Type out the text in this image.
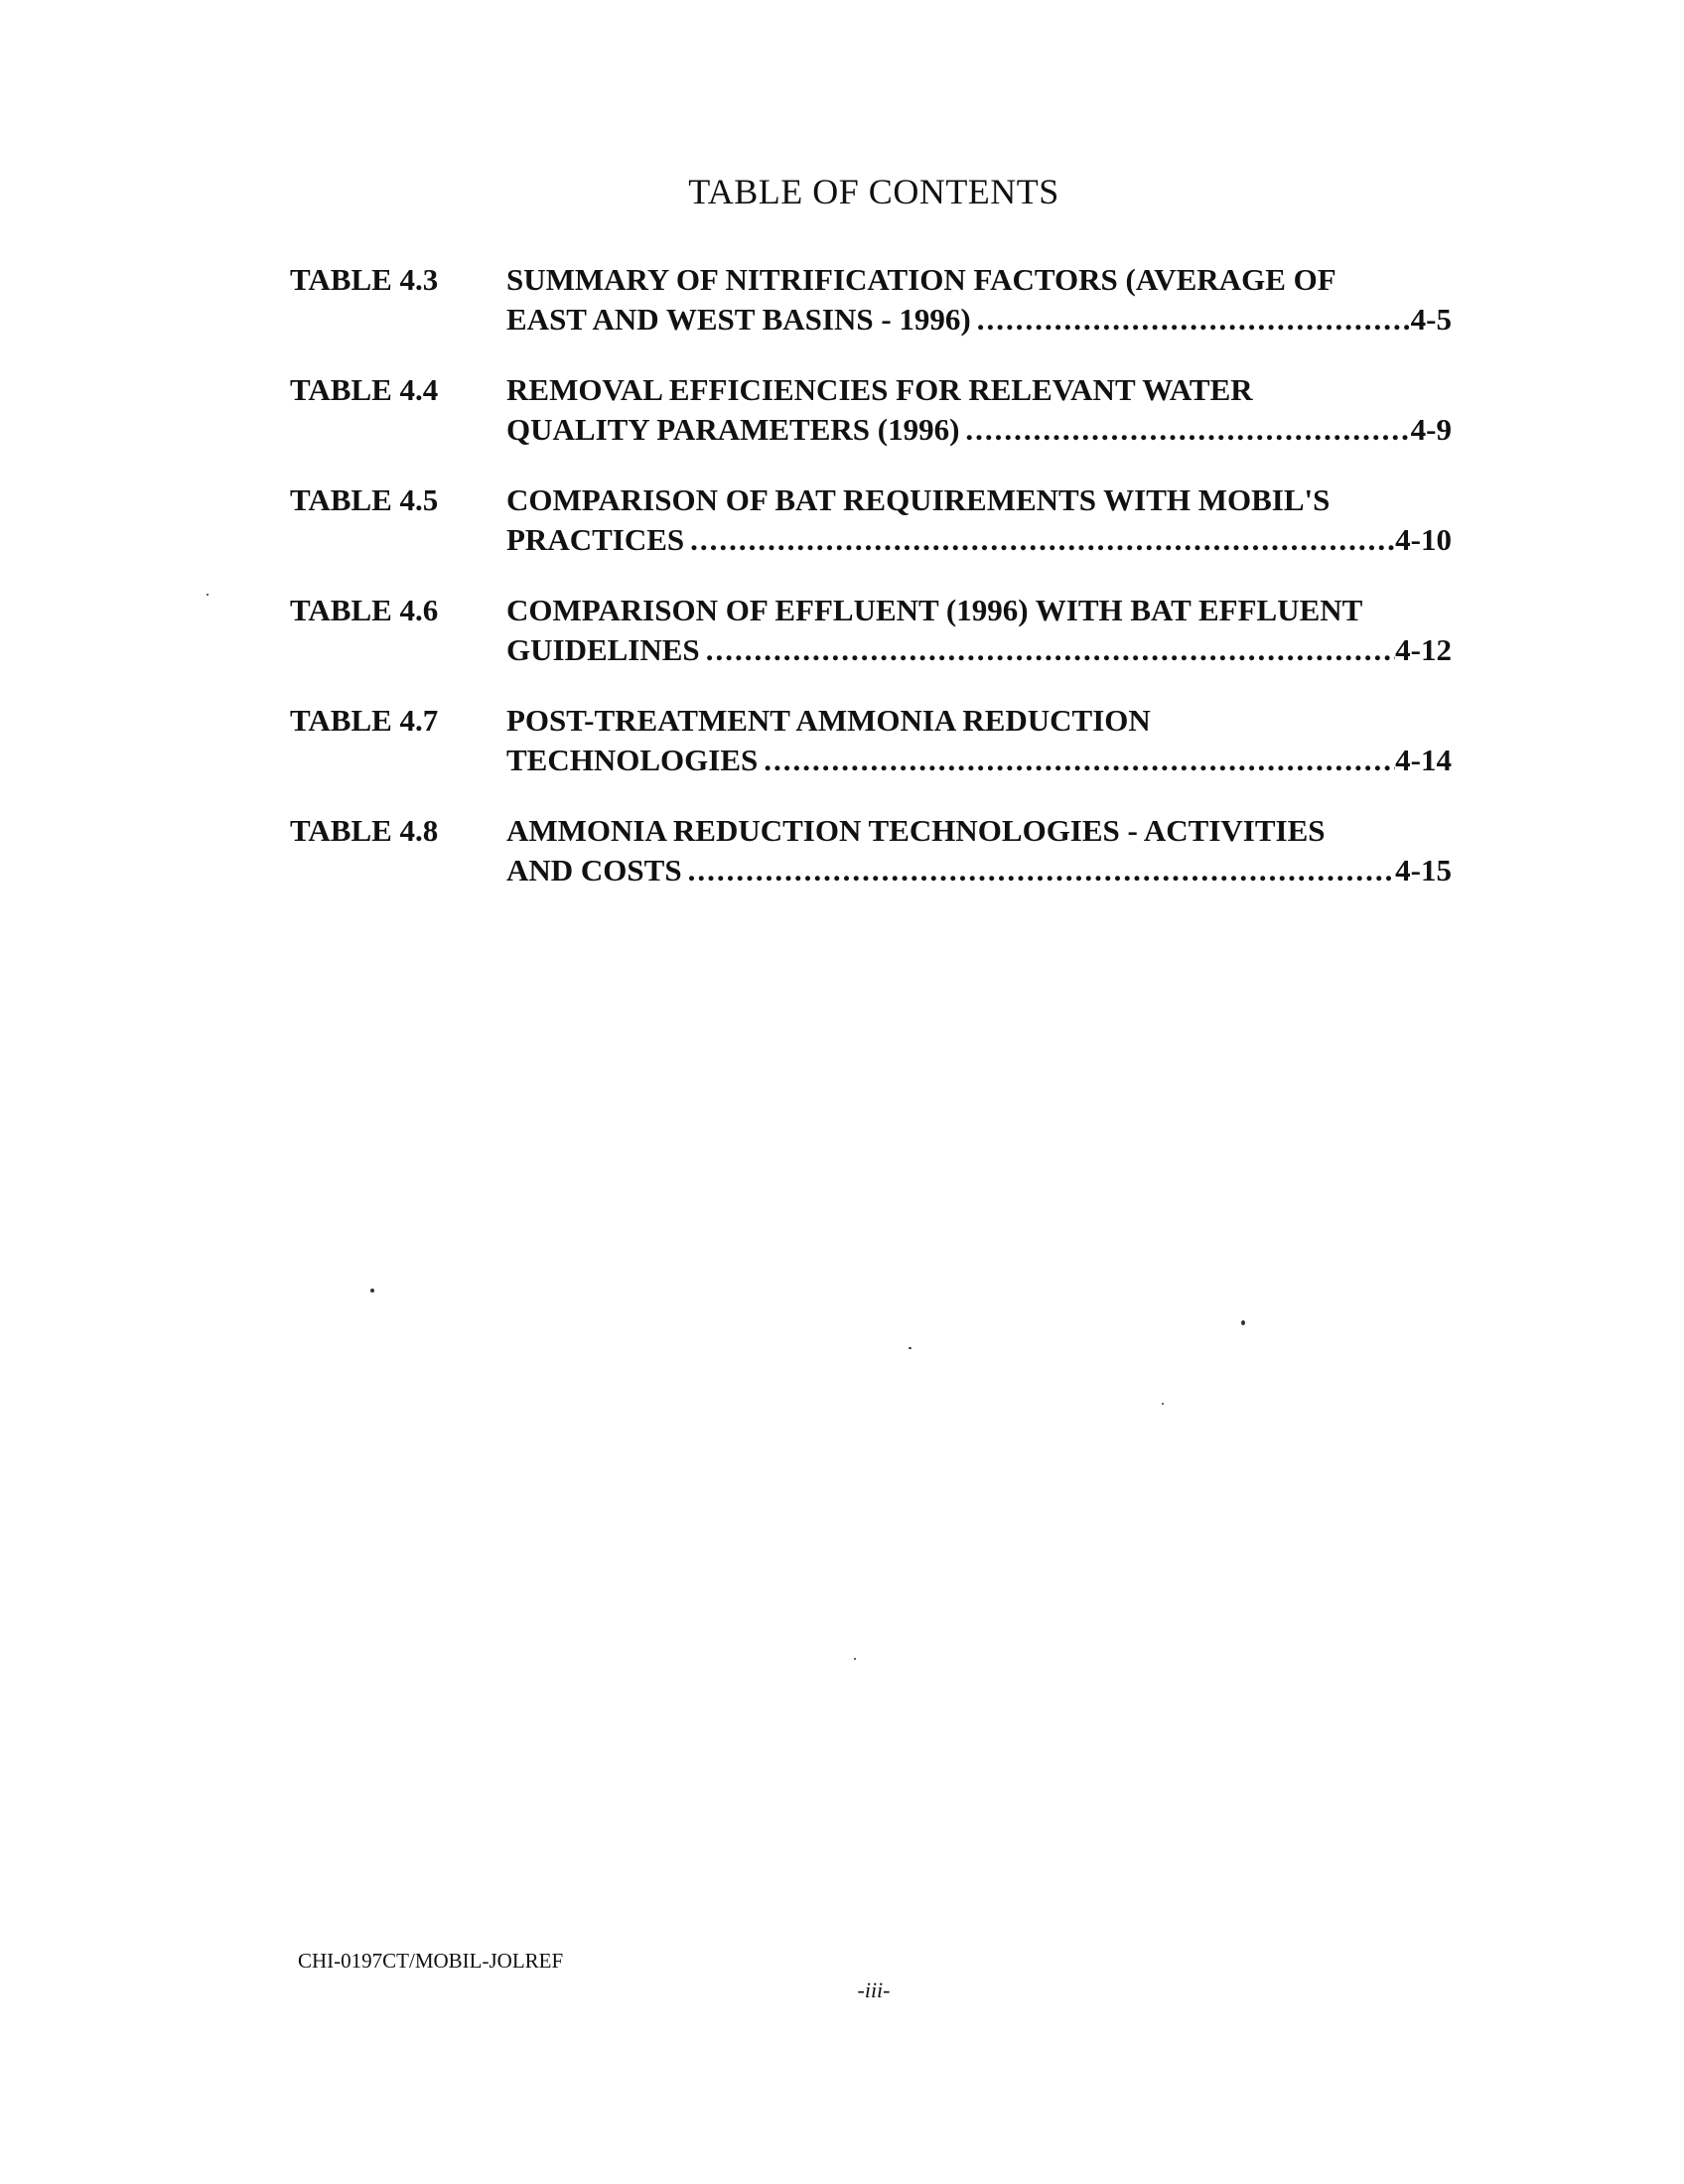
TABLE OF CONTENTS
TABLE 4.3	SUMMARY OF NITRIFICATION FACTORS (AVERAGE OF
EAST AND WEST BASINS - 1996) .....	4-5
TABLE 4.4	REMOVAL EFFICIENCIES FOR RELEVANT WATER
QUALITY PARAMETERS (1996) .....	4-9
TABLE 4.5	COMPARISON OF BAT REQUIREMENTS WITH MOBIL'S
PRACTICES .....	4-10
TABLE 4.6	COMPARISON OF EFFLUENT (1996) WITH BAT EFFLUENT
GUIDELINES .....	4-12
TABLE 4.7	POST-TREATMENT AMMONIA REDUCTION
TECHNOLOGIES .....	4-14
TABLE 4.8	AMMONIA REDUCTION TECHNOLOGIES - ACTIVITIES
AND COSTS .....	4-15
CHI-0197CT/MOBIL-JOLREF
-iii-
